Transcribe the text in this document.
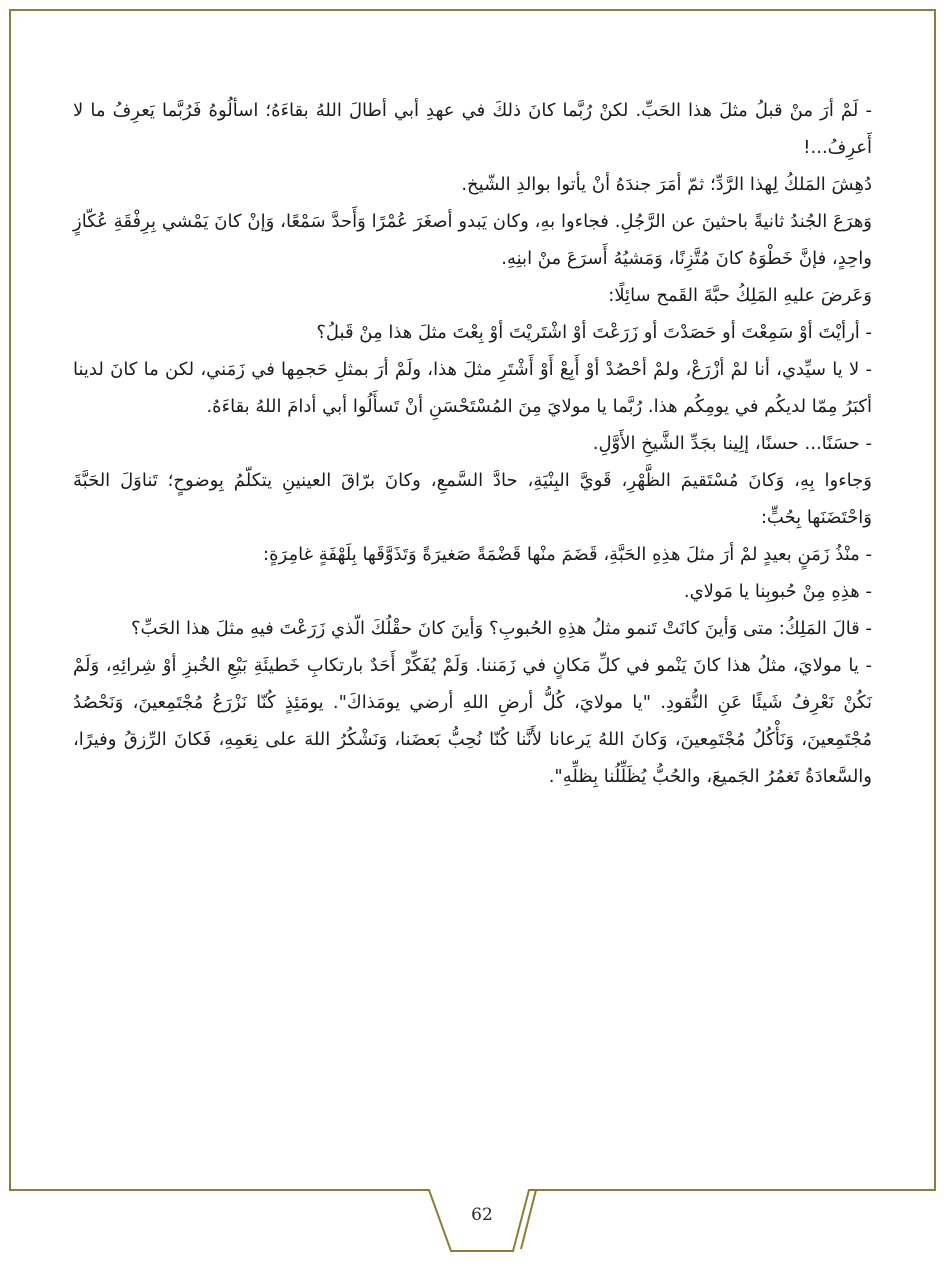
- لَمْ أرَ منْ قبلُ مثلَ هذا الحَبِّ. لكنْ رُبَّما كانَ ذلكَ في عهدِ أبي أطالَ اللهُ بقاءَهُ؛ اسألُوهُ فَرُبَّما يَعرِفُ ما لا أَعرِفُ...!

دُهِشَ المَلكُ لِهذا الرَّدِّ؛ ثمّ أمَرَ جندَهُ أنْ يأتوا بوالدِ الشّيخ.

وَهرَعَ الجُندُ ثانيةً باحثينَ عن الرَّجُلِ. فجاءوا بهِ، وكان يَبدو أصغَرَ عُمْرًا وَأَحدَّ سَمْعًا، وَإنْ كانَ يَمْشي بِرِفْقَةِ عُكّازٍ واحِدٍ، فإنَّ خَطْوَهُ كانَ مُتَّزِنًا، وَمَشيُهُ أَسرَعَ منْ ابنِهِ.

وَعَرضَ عليهِ المَلِكُ حبَّةَ القَمح سائِلًا:

- أرأيْتَ أوْ سَمِعْتَ أو حَصَدْتَ أو زَرَعْتَ أوْ اشْتَريْتَ أوْ بِعْتَ مثلَ هذا مِنْ قَبلُ؟

- لا يا سيِّدي، أنا لمْ أزْرَعْ، ولمْ أحْصُدْ أوْ أَبِعْ أَوْ أَشْتَرِ مثلَ هذا، ولَمْ أرَ بمثلِ حَجمِها في زَمَني، لكن ما كانَ لدينا أكبَرُ مِمّا لديكُم في يومِكُم هذا. رُبَّما يا مولايَ مِنَ المُسْتَحْسَنِ أنْ تَسأَلُوا أبي أدامَ اللهُ بقاءَهُ.

- حسَنًا... حسنًا، إلِينا بجَدِّ الشَّيخِ الأَوَّلِ.

وَجاءوا بِهِ، وَكانَ مُسْتَقيمَ الظَّهْرِ، قَويَّ البِنْيَةِ، حادَّ السَّمعِ، وكانَ برّاقَ العينينِ يتكلّمُ بِوضوحٍ؛ تَناوَلَ الحَبَّةَ وَاحْتَضَنَها بِحُبٍّ:

- منْذُ زَمَنٍ بعيدٍ لمْ أرَ مثلَ هذِهِ الحَبَّةِ، قَضَمَ منْها قَضْمَةً صَغيرَةً وَتَذَوَّقَها بِلَهْفَةٍ غامِرَةٍ:

- هذِهِ مِنْ حُبوبِنا يا مَولاي.

- قالَ المَلِكُ: متى وَأينَ كانَتْ تَنمو مثلُ هذِهِ الحُبوبِ؟ وَأينَ كانَ حقْلُكَ الّذي زَرَعْتَ فيهِ مثلَ هذا الحَبِّ؟

- يا مولايَ، مثلُ هذا كانَ يَنْمو في كلِّ مَكانٍ في زَمَننا. وَلَمْ يُفَكِّرْ أَحَدٌ بارتكابِ خَطيئَةِ بَيْعِ الخُبزِ أوْ شِرائِهِ، وَلَمْ نَكُنْ نَعْرِفُ شَيئًا عَنِ النُّقودِ. "يا مولايَ، كُلُّ أرضِ اللهِ أرضي يومَذاكَ". يومَئِذٍ كُنّا نَزْرَعُ مُجْتَمِعينَ، وَنَحْصُدُ مُجْتَمِعينَ، وَنَأْكُلُ مُجْتَمِعينَ، وَكانَ اللهُ يَرعانا لأَنَّنا كُنّا نُحِبُّ بَعضَنا، وَنَشْكُرُ اللهَ على نِعَمِهِ، فَكانَ الرِّزقُ وفيرًا، والسَّعادَةُ تَغمُرُ الجَميعَ، والحُبُّ يُظَلِّلُنا بِظلِّهِ".

62
